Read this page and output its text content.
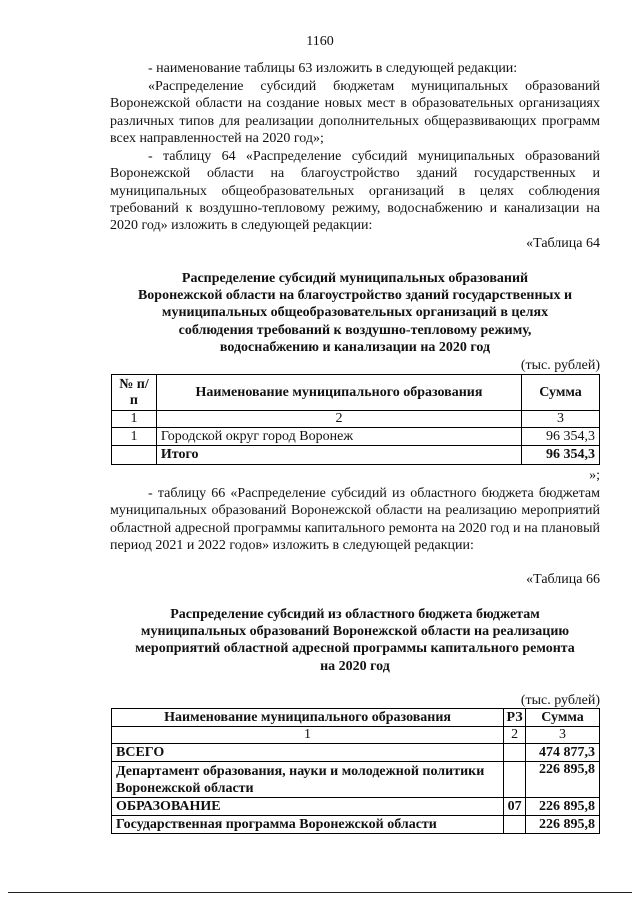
1160
- наименование таблицы 63 изложить в следующей редакции:
«Распределение субсидий бюджетам муниципальных образований Воронежской области на создание новых мест в образовательных организациях различных типов для реализации дополнительных общеразвивающих программ всех направленностей на 2020 год»;
- таблицу 64 «Распределение субсидий муниципальных образований Воронежской области на благоустройство зданий государственных и муниципальных общеобразовательных организаций в целях соблюдения требований к воздушно-тепловому режиму, водоснабжению и канализации на 2020 год» изложить в следующей редакции:
«Таблица 64
Распределение субсидий муниципальных образований
Воронежской области на благоустройство зданий государственных и
муниципальных общеобразовательных организаций в целях
соблюдения требований к воздушно-тепловому режиму,
водоснабжению и канализации на 2020 год
(тыс. рублей)
№ п/п	Наименование муниципального образования	Сумма
1	2	3
1	Городской округ город Воронеж	96 354,3
	Итого	96 354,3
»;
- таблицу 66 «Распределение субсидий из областного бюджета бюджетам муниципальных образований Воронежской области на реализацию мероприятий областной адресной программы капитального ремонта на 2020 год и на плановый период 2021 и 2022 годов» изложить в следующей редакции:
«Таблица 66
Распределение субсидий из областного бюджета бюджетам
муниципальных образований Воронежской области на реализацию
мероприятий областной адресной программы капитального ремонта
на 2020 год
(тыс. рублей)
Наименование муниципального образования	РЗ	Сумма
1	2	3
ВСЕГО		474 877,3
Департамент образования, науки и молодежной политики Воронежской области		226 895,8
ОБРАЗОВАНИЕ	07	226 895,8
Государственная программа Воронежской области		226 895,8
